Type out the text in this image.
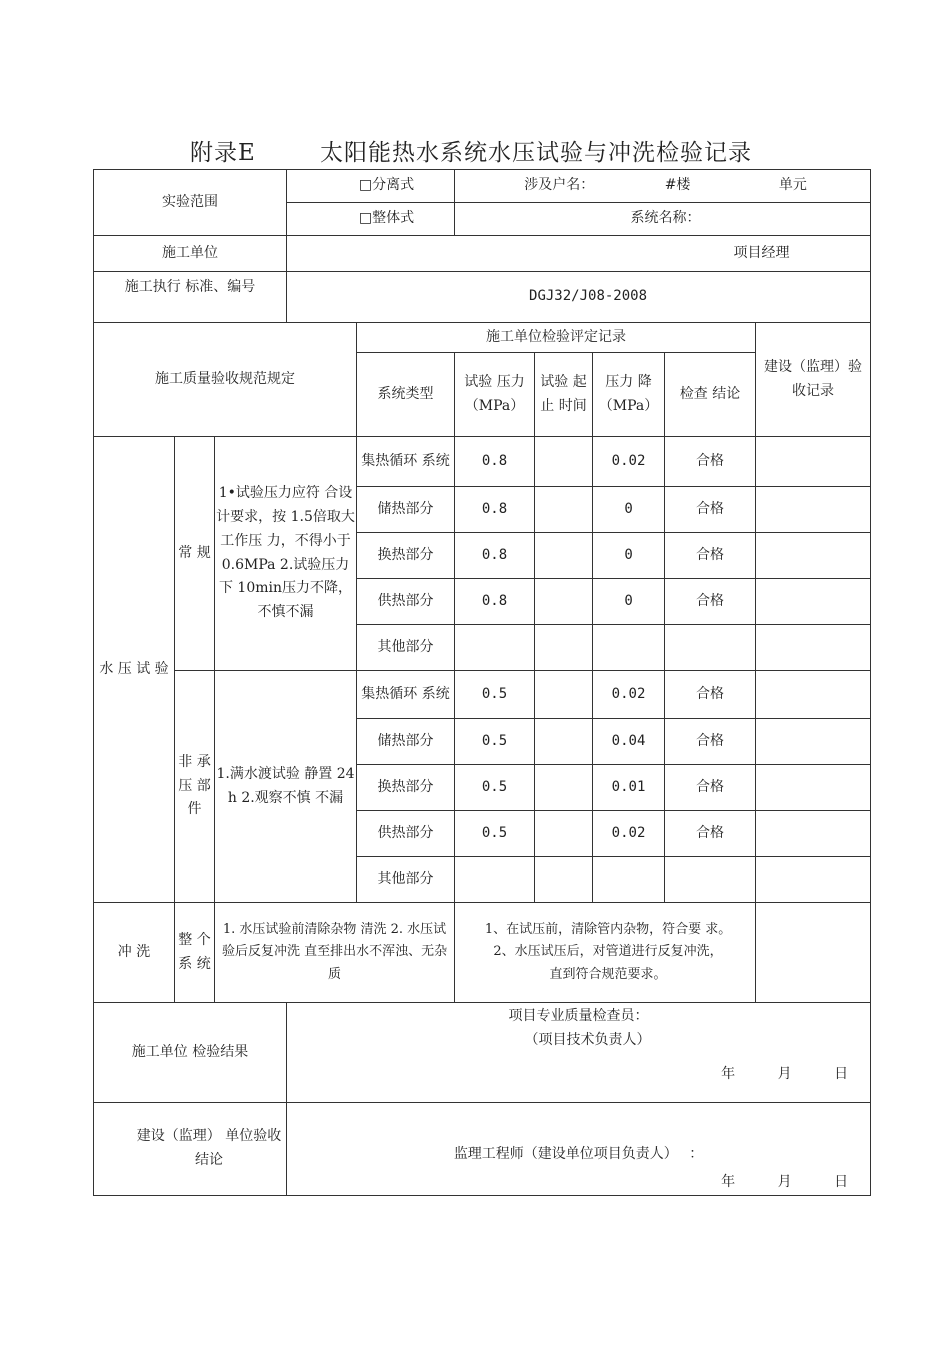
附录E	太阳能热水系统水压试验与冲洗检验记录
实验范围			□分离式		涉及户名： #楼 单元				
			□整体式		系统名称：				
施工单位			项目经理						
施工执行 标准、编号			DGJ32/J08-2008						
施工质量验收规范规定				施工单位检验评定记录					建设（监理）验收记录
				系统类型	试验 压力（MPa）	试验 起止 时间	压力 降（MPa）	检查 结论	
水 压 试 验	常 规	1•试验压力应符 合设计要求，按 1.5倍取大工作压 力，不得小于 0.6MPa 2.试验压力下 10min压力不降，不慎不漏		集热循环 系统	0.8		0.02	合格	
				储热部分	0.8		0	合格	
				换热部分	0.8		0	合格	
				供热部分	0.8		0	合格	
				其他部分					
	非 承 压 部 件	1.满水渡试验 静置 24 h 2.观察不慎 不漏		集热循环 系统	0.5		0.02	合格	
				储热部分	0.5		0.04	合格	
				换热部分	0.5		0.01	合格	
				供热部分	0.5		0.02	合格	
				其他部分					
冲 洗	整 个 系 统	1. 水压试验前清除杂物 清洗 2. 水压试验后反复冲洗 直至排出水不浑浊、无杂质			1、在试压前，清除管内杂物，符合要 求。
2、水压试压后，对管道进行反复冲洗，
直到符合规范要求。				

施工单位 检验结果			项目专业质量检查员：
（项目技术负责人）
年 月 日						

建设（监理） 单位验收结论			监理工程师（建设单位项目负责人）　 ：
年 月 日						
